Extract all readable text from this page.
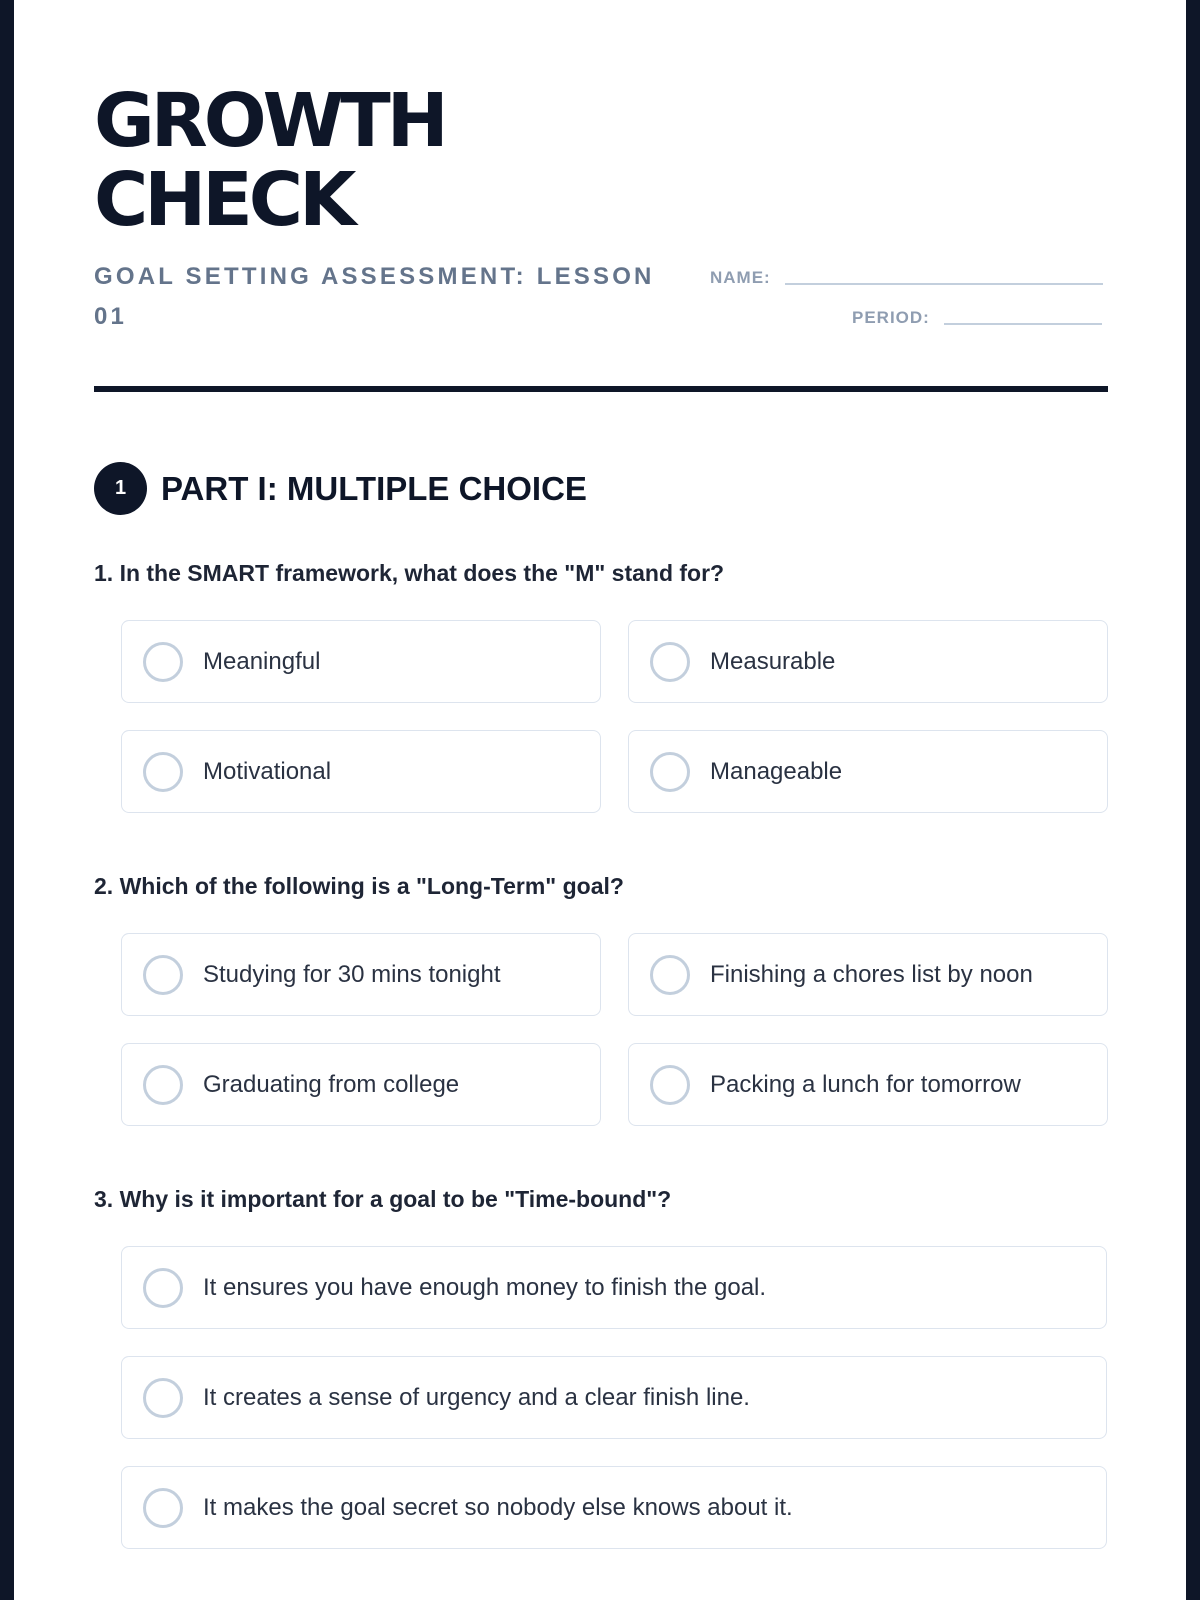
GROWTH
CHECK
GOAL SETTING ASSESSMENT: LESSON 01
NAME:
PERIOD:
1	PART I: MULTIPLE CHOICE
1. In the SMART framework, what does the "M" stand for?
Meaningful	Measurable
Motivational	Manageable
2. Which of the following is a "Long-Term" goal?
Studying for 30 mins tonight	Finishing a chores list by noon
Graduating from college	Packing a lunch for tomorrow
3. Why is it important for a goal to be "Time-bound"?
It ensures you have enough money to finish the goal.
It creates a sense of urgency and a clear finish line.
It makes the goal secret so nobody else knows about it.
